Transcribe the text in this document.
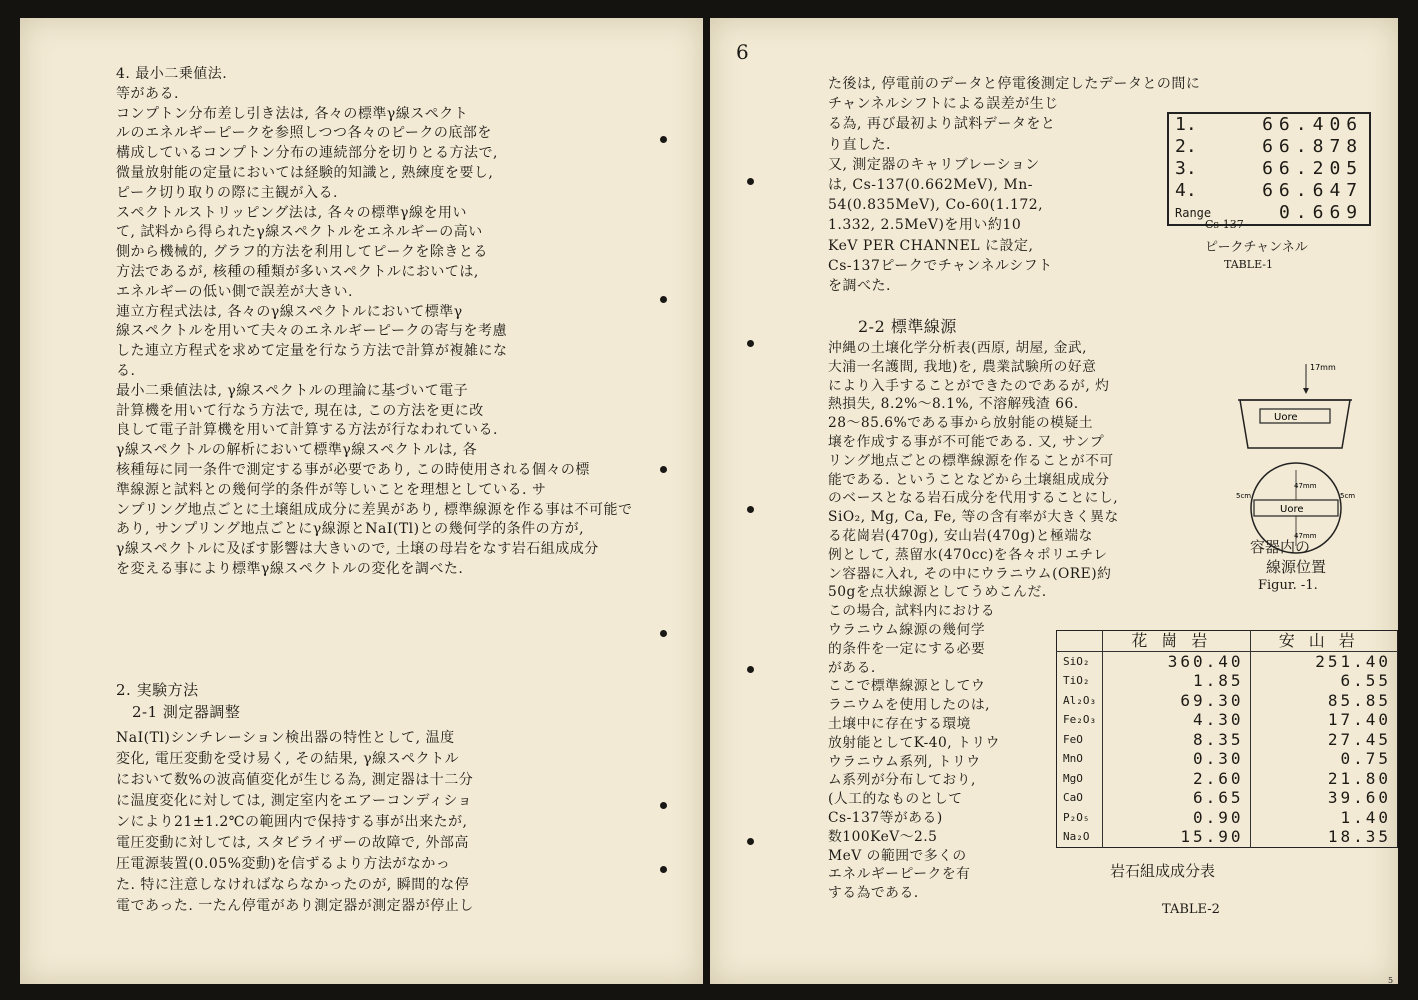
4. 最小二乗値法.
等がある.
コンプトン分布差し引き法は, 各々の標準γ線スペクト
ルのエネルギーピークを参照しつつ各々のピークの底部を
構成しているコンプトン分布の連続部分を切りとる方法で,
微量放射能の定量においては経験的知識と, 熟練度を要し,
ピーク切り取りの際に主観が入る.
スペクトルストリッピング法は, 各々の標準γ線を用い
て, 試料から得られたγ線スペクトルをエネルギーの高い
側から機械的, グラフ的方法を利用してピークを除きとる
方法であるが, 核種の種類が多いスペクトルにおいては,
エネルギーの低い側で誤差が大きい.
連立方程式法は, 各々のγ線スペクトルにおいて標準γ
線スペクトルを用いて夫々のエネルギーピークの寄与を考慮
した連立方程式を求めて定量を行なう方法で計算が複雑にな
る.
最小二乗値法は, γ線スペクトルの理論に基づいて電子
計算機を用いて行なう方法で, 現在は, この方法を更に改
良して電子計算機を用いて計算する方法が行なわれている.
γ線スペクトルの解析において標準γ線スペクトルは, 各
核種毎に同一条件で測定する事が必要であり, この時使用される個々の標
準線源と試料との幾何学的条件が等しいことを理想としている. サ
ンプリング地点ごとに土壌組成成分に差異があり, 標準線源を作る事は不可能で
あり, サンプリング地点ごとにγ線源とNaI(Tl)との幾何学的条件の方が,
γ線スペクトルに及ぼす影響は大きいので, 土壌の母岩をなす岩石組成成分
を変える事により標準γ線スペクトルの変化を調べた.
2. 実験方法
2-1 測定器調整
NaI(Tl)シンチレーション検出器の特性として, 温度
変化, 電圧変動を受け易く, その結果, γ線スペクトル
において数%の波高値変化が生じる為, 測定器は十二分
に温度変化に対しては, 測定室内をエアーコンディショ
ンにより21±1.2℃の範囲内で保持する事が出来たが,
電圧変動に対しては, スタビライザーの故障で, 外部高
圧電源装置(0.05%変動)を信ずるより方法がなかっ
た. 特に注意しなければならなかったのが, 瞬間的な停
電であった. 一たん停電があり測定器が測定器が停止し
6
た後は, 停電前のデータと停電後測定したデータとの間に
チャンネルシフトによる誤差が生じ
る為, 再び最初より試料データをと
り直した.
又, 測定器のキャリブレーション
は, Cs-137(0.662MeV), Mn-
54(0.835MeV), Co-60(1.172,
1.332, 2.5MeV)を用い約10
KeV PER CHANNEL に設定,
Cs-137ピークでチャンネルシフト
を調べた.
1.	66.406
2.	66.878
3.	66.205
4.	66.647
Range	0.669
Cs-137
ピークチャンネル
TABLE-1
2-2 標準線源
沖縄の土壌化学分析表(西原, 胡屋, 金武,
大浦一名護間, 我地)を, 農業試験所の好意
により入手することができたのであるが, 灼
熱損失, 8.2%〜8.1%, 不溶解残渣 66.
28〜85.6%である事から放射能の模疑土
壌を作成する事が不可能である. 又, サンプ
リング地点ごとの標準線源を作ることが不可
能である. ということなどから土壌組成成分
のベースとなる岩石成分を代用することにし,
SiO₂, Mg, Ca, Fe, 等の含有率が大きく異な
る花崗岩(470g), 安山岩(470g)と極端な
例として, 蒸留水(470cc)を各々ポリエチレ
ン容器に入れ, その中にウラニウム(ORE)約
50gを点状線源としてうめこんだ.
この場合, 試料内における
ウラニウム線源の幾何学
的条件を一定にする必要
がある.
ここで標準線源としてウ
ラニウムを使用したのは,
土壌中に存在する環境
放射能としてK-40, トリウ
ウラニウム系列, トリウ
ム系列が分布しており,
(人工的なものとして
Cs-137等がある)
数100KeV〜2.5
MeV の範囲で多くの
エネルギーピークを有
する為である.
17mm
Uore
Uore
47mm
47mm
5cm	5cm
容器内の
線源位置
Figur. -1.
	花崗岩	安山岩
SiO₂	360.40	251.40
TiO₂	1.85	6.55
Al₂O₃	69.30	85.85
Fe₂O₃	4.30	17.40
FeO	8.35	27.45
MnO	0.30	0.75
MgO	2.60	21.80
CaO	6.65	39.60
P₂O₅	0.90	1.40
Na₂O	15.90	18.35
岩石組成成分表
TABLE-2
5
